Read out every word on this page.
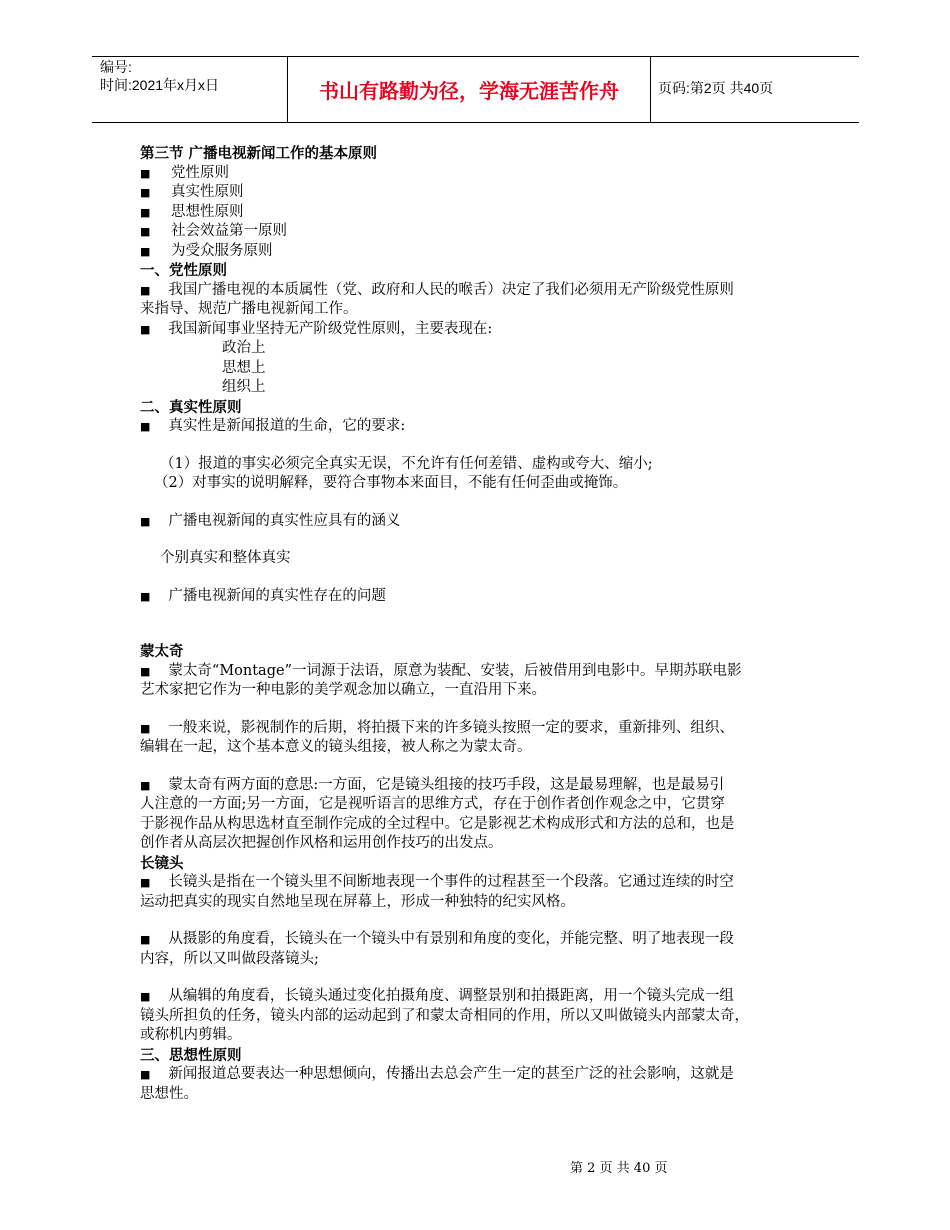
编号:
时间:2021年x月x日	书山有路勤为径，学海无涯苦作舟	页码:第2页 共40页

第三节 广播电视新闻工作的基本原则

■	党性原则
■	真实性原则
■	思想性原则
■	社会效益第一原则
■	为受众服务原则

一、党性原则

■ 我国广播电视的本质属性（党、政府和人民的喉舌）决定了我们必须用无产阶级党性原则

来指导、规范广播电视新闻工作。

■ 我国新闻事业坚持无产阶级党性原则，主要表现在:

政治上

思想上

组织上

二、真实性原则

■ 真实性是新闻报道的生命，它的要求:

（1）报道的事实必须完全真实无误，不允许有任何差错、虚构或夸大、缩小;

（2）对事实的说明解释，要符合事物本来面目，不能有任何歪曲或掩饰。

■ 广播电视新闻的真实性应具有的涵义

个别真实和整体真实

■ 广播电视新闻的真实性存在的问题

蒙太奇

■ 蒙太奇“Montage”一词源于法语，原意为装配、安装，后被借用到电影中。早期苏联电影

艺术家把它作为一种电影的美学观念加以确立，一直沿用下来。

■ 一般来说，影视制作的后期，将拍摄下来的许多镜头按照一定的要求，重新排列、组织、

编辑在一起，这个基本意义的镜头组接，被人称之为蒙太奇。

■ 蒙太奇有两方面的意思:一方面，它是镜头组接的技巧手段，这是最易理解，也是最易引

人注意的一方面;另一方面，它是视听语言的思维方式，存在于创作者创作观念之中，它贯穿

于影视作品从构思选材直至制作完成的全过程中。它是影视艺术构成形式和方法的总和，也是

创作者从高层次把握创作风格和运用创作技巧的出发点。

长镜头

■ 长镜头是指在一个镜头里不间断地表现一个事件的过程甚至一个段落。它通过连续的时空

运动把真实的现实自然地呈现在屏幕上，形成一种独特的纪实风格。

■ 从摄影的角度看，长镜头在一个镜头中有景别和角度的变化，并能完整、明了地表现一段

内容，所以又叫做段落镜头;

■ 从编辑的角度看，长镜头通过变化拍摄角度、调整景别和拍摄距离，用一个镜头完成一组

镜头所担负的任务，镜头内部的运动起到了和蒙太奇相同的作用，所以又叫做镜头内部蒙太奇，

或称机内剪辑。

三、思想性原则

■ 新闻报道总要表达一种思想倾向，传播出去总会产生一定的甚至广泛的社会影响，这就是

思想性。

第 2 页 共 40 页
